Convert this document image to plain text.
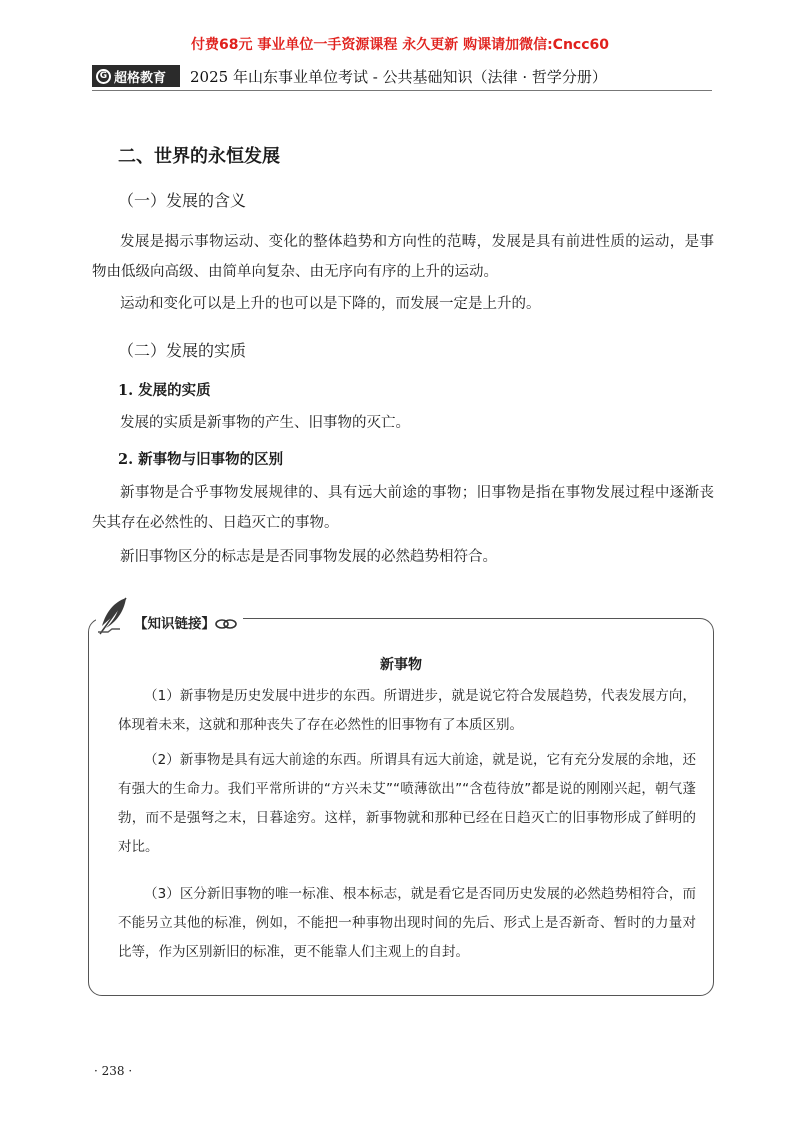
付费68元 事业单位一手资源课程 永久更新 购课请加微信:Cncc60
G 超格教育 2025 年山东事业单位考试 - 公共基础知识（法律 · 哲学分册）
二、世界的永恒发展
（一）发展的含义
发展是揭示事物运动、变化的整体趋势和方向性的范畴，发展是具有前进性质的运动，是事物由低级向高级、由简单向复杂、由无序向有序的上升的运动。
运动和变化可以是上升的也可以是下降的，而发展一定是上升的。
（二）发展的实质
1. 发展的实质
发展的实质是新事物的产生、旧事物的灭亡。
2. 新事物与旧事物的区别
新事物是合乎事物发展规律的、具有远大前途的事物；旧事物是指在事物发展过程中逐渐丧失其存在必然性的、日趋灭亡的事物。
新旧事物区分的标志是是否同事物发展的必然趋势相符合。
【知识链接】
新事物
（1）新事物是历史发展中进步的东西。所谓进步，就是说它符合发展趋势，代表发展方向，体现着未来，这就和那种丧失了存在必然性的旧事物有了本质区别。
（2）新事物是具有远大前途的东西。所谓具有远大前途，就是说，它有充分发展的余地，还有强大的生命力。我们平常所讲的“方兴未艾”“喷薄欲出”“含苞待放”都是说的刚刚兴起，朝气蓬勃，而不是强弩之末，日暮途穷。这样，新事物就和那种已经在日趋灭亡的旧事物形成了鲜明的对比。
（3）区分新旧事物的唯一标准、根本标志，就是看它是否同历史发展的必然趋势相符合，而不能另立其他的标准，例如，不能把一种事物出现时间的先后、形式上是否新奇、暂时的力量对比等，作为区别新旧的标准，更不能靠人们主观上的自封。
· 238 ·
